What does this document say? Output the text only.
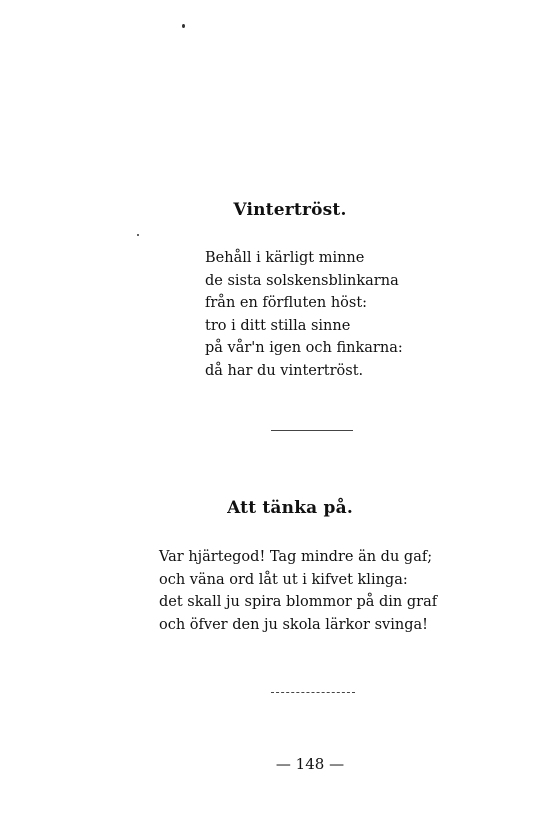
Vintertröst.
Behåll i kärligt minne
de sista solskensblinkarna
från en förfluten höst:
tro i ditt stilla sinne
på vår'n igen och finkarna:
då har du vintertröst.
Att tänka på.
Var hjärtegod! Tag mindre än du gaf;
och väna ord låt ut i kifvet klinga:
det skall ju spira blommor på din graf
och öfver den ju skola lärkor svinga!
— 148 —
